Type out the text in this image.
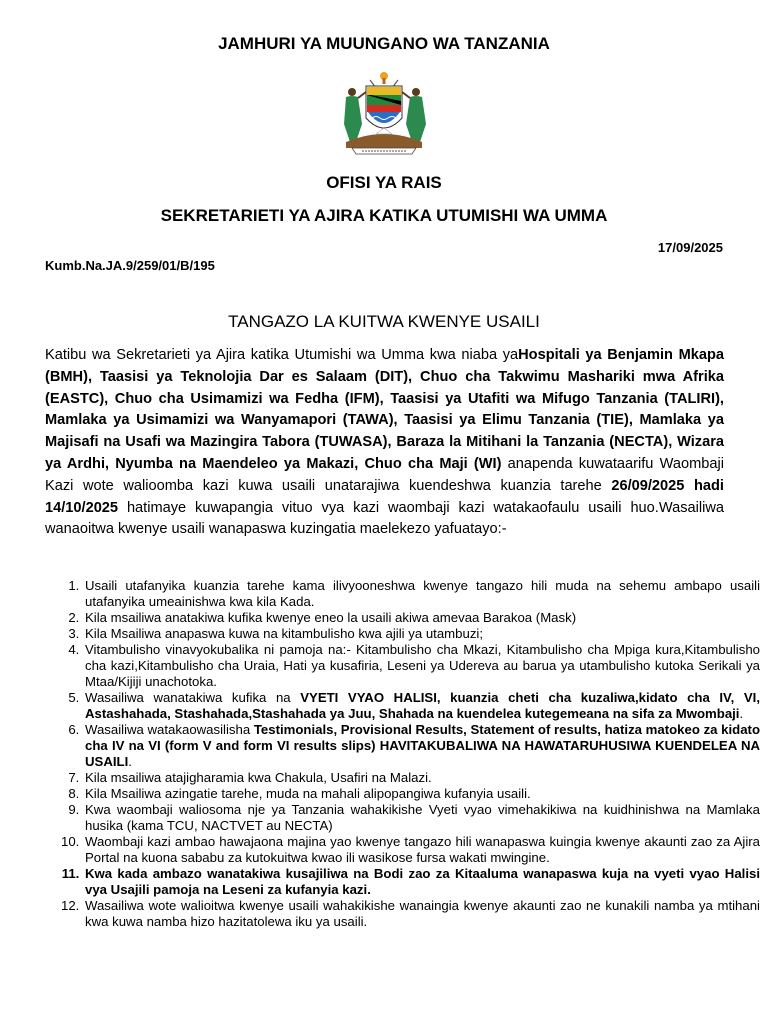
JAMHURI YA MUUNGANO WA TANZANIA
OFISI YA RAIS
SEKRETARIETI YA AJIRA KATIKA UTUMISHI WA UMMA
17/09/2025
Kumb.Na.JA.9/259/01/B/195
TANGAZO LA KUITWA KWENYE USAILI

Katibu wa Sekretarieti ya Ajira katika Utumishi wa Umma kwa niaba yaHospitali ya Benjamin Mkapa (BMH), Taasisi ya Teknolojia Dar es Salaam (DIT), Chuo cha Takwimu Mashariki mwa Afrika (EASTC), Chuo cha Usimamizi wa Fedha (IFM), Taasisi ya Utafiti wa Mifugo Tanzania (TALIRI), Mamlaka ya Usimamizi wa Wanyamapori (TAWA), Taasisi ya Elimu Tanzania (TIE), Mamlaka ya Majisafi na Usafi wa Mazingira Tabora (TUWASA), Baraza la Mitihani la Tanzania (NECTA), Wizara ya Ardhi, Nyumba na Maendeleo ya Makazi, Chuo cha Maji (WI) anapenda kuwataarifu Waombaji Kazi wote walioomba kazi kuwa usaili unatarajiwa kuendeshwa kuanzia tarehe 26/09/2025 hadi 14/10/2025 hatimaye kuwapangia vituo vya kazi waombaji kazi watakaofaulu usaili huo.Wasailiwa wanaoitwa kwenye usaili wanapaswa kuzingatia maelekezo yafuatayo:-

1. Usaili utafanyika kuanzia tarehe kama ilivyooneshwa kwenye tangazo hili muda na sehemu ambapo usaili utafanyika umeainishwa kwa kila Kada.
2. Kila msailiwa anatakiwa kufika kwenye eneo la usaili akiwa amevaa Barakoa (Mask)
3. Kila Msailiwa anapaswa kuwa na kitambulisho kwa ajili ya utambuzi;
4. Vitambulisho vinavyokubalika ni pamoja na:- Kitambulisho cha Mkazi, Kitambulisho cha Mpiga kura,Kitambulisho cha kazi,Kitambulisho cha Uraia, Hati ya kusafiria, Leseni ya Udereva au barua ya utambulisho kutoka Serikali ya Mtaa/Kijiji unachotoka.
5. Wasailiwa wanatakiwa kufika na VYETI VYAO HALISI, kuanzia cheti cha kuzaliwa,kidato cha IV, VI, Astashahada, Stashahada,Stashahada ya Juu, Shahada na kuendelea kutegemeana na sifa za Mwombaji.
6. Wasailiwa watakaowasilisha Testimonials, Provisional Results, Statement of results, hatiza matokeo za kidato cha IV na VI (form V and form VI results slips) HAVITAKUBALIWA NA HAWATARUHUSIWA KUENDELEA NA USAILI.
7. Kila msailiwa atajigharamia kwa Chakula, Usafiri na Malazi.
8. Kila Msailiwa azingatie tarehe, muda na mahali alipopangiwa kufanyia usaili.
9. Kwa waombaji waliosoma nje ya Tanzania wahakikishe Vyeti vyao vimehakikiwa na kuidhinishwa na Mamlaka husika (kama TCU, NACTVET au NECTA)
10. Waombaji kazi ambao hawajaona majina yao kwenye tangazo hili wanapaswa kuingia kwenye akaunti zao za Ajira Portal na kuona sababu za kutokuitwa kwao ili wasikose fursa wakati mwingine.
11. Kwa kada ambazo wanatakiwa kusajiliwa na Bodi zao za Kitaaluma wanapaswa kuja na vyeti vyao Halisi vya Usajili pamoja na Leseni za kufanyia kazi.
12. Wasailiwa wote walioitwa kwenye usaili wahakikishe wanaingia kwenye akaunti zao ne kunakili namba ya mtihani kwa kuwa namba hizo hazitatolewa iku ya usaili.
